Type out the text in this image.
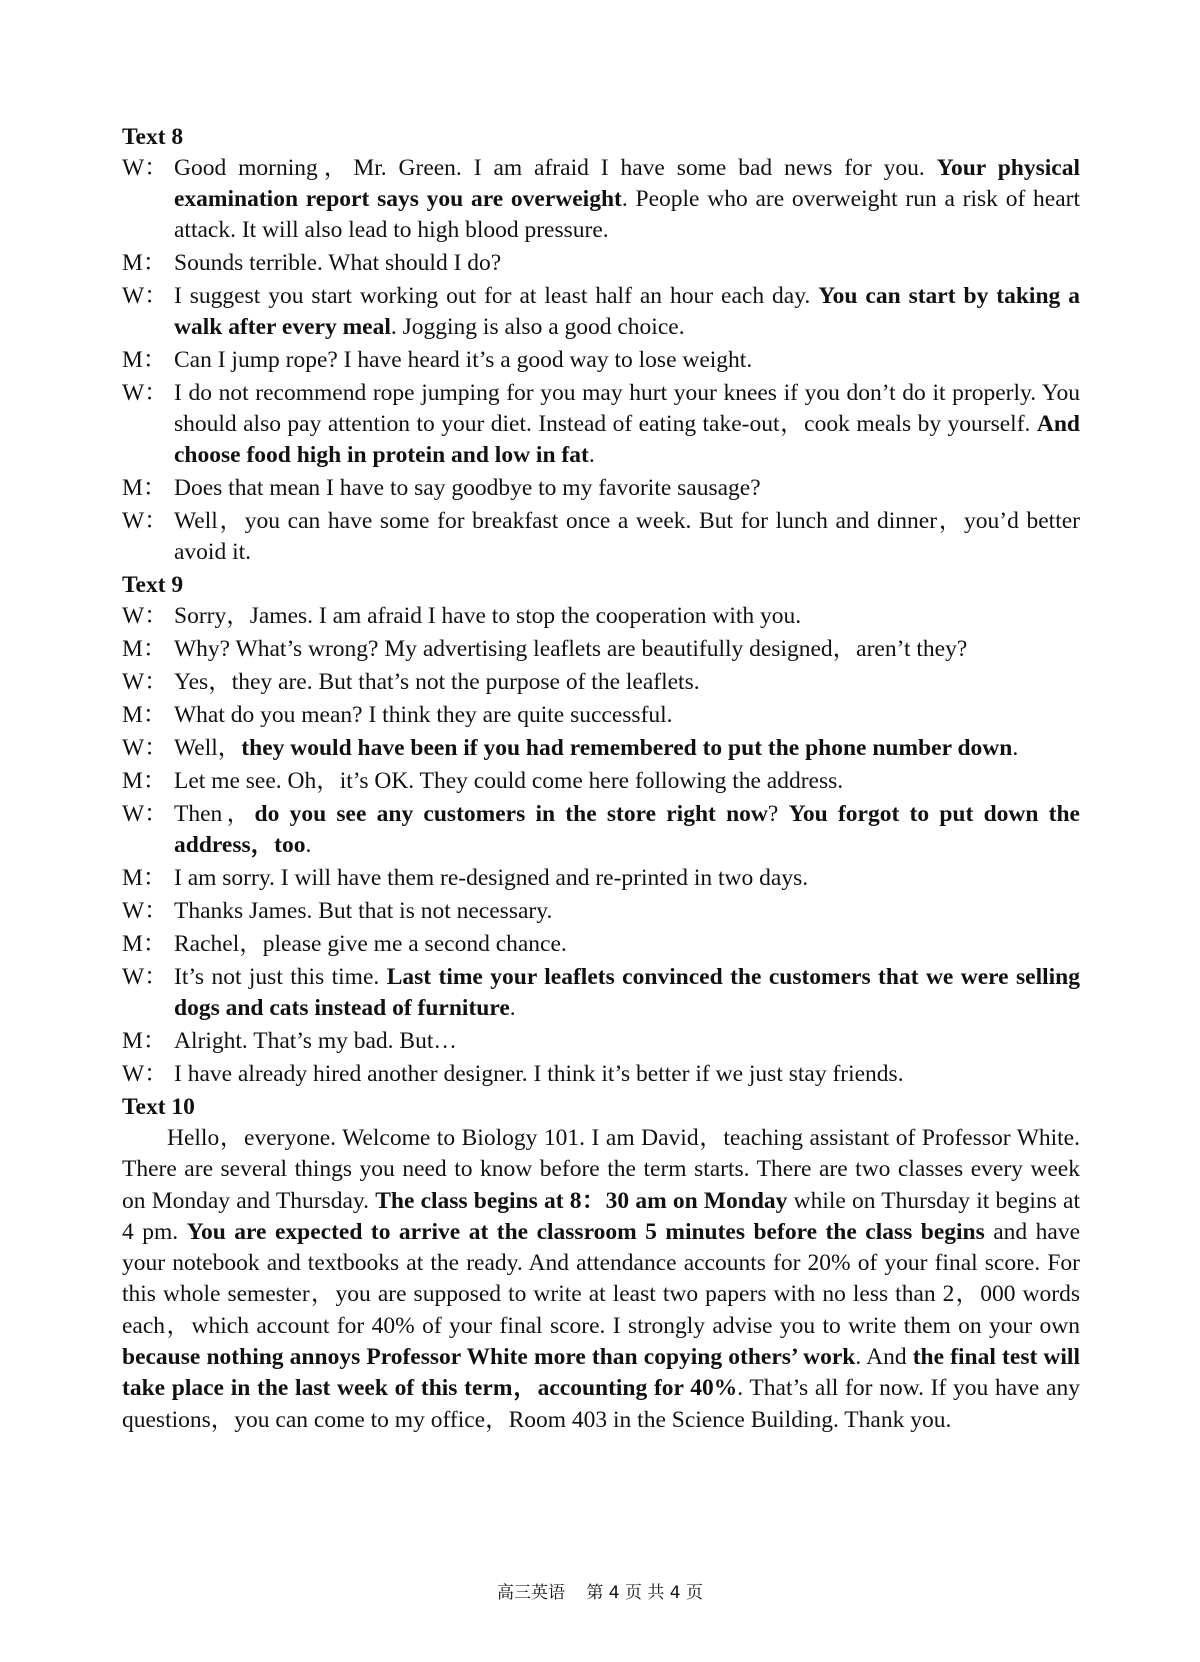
Text 8

W： Good morning，Mr. Green. I am afraid I have some bad news for you. Your physical examination report says you are overweight. People who are overweight run a risk of heart attack. It will also lead to high blood pressure.

M： Sounds terrible. What should I do?

W： I suggest you start working out for at least half an hour each day. You can start by taking a walk after every meal. Jogging is also a good choice.

M： Can I jump rope? I have heard it’s a good way to lose weight.

W： I do not recommend rope jumping for you may hurt your knees if you don’t do it properly. You should also pay attention to your diet. Instead of eating take-out，cook meals by yourself. And choose food high in protein and low in fat.

M： Does that mean I have to say goodbye to my favorite sausage?

W： Well，you can have some for breakfast once a week. But for lunch and dinner，you’d better avoid it.

Text 9

W： Sorry，James. I am afraid I have to stop the cooperation with you.

M： Why? What’s wrong? My advertising leaflets are beautifully designed，aren’t they?

W： Yes，they are. But that’s not the purpose of the leaflets.

M： What do you mean? I think they are quite successful.

W： Well，they would have been if you had remembered to put the phone number down.

M： Let me see. Oh，it’s OK. They could come here following the address.

W： Then，do you see any customers in the store right now? You forgot to put down the address，too.

M： I am sorry. I will have them re-designed and re-printed in two days.

W： Thanks James. But that is not necessary.

M： Rachel，please give me a second chance.

W： It’s not just this time. Last time your leaflets convinced the customers that we were selling dogs and cats instead of furniture.

M： Alright. That’s my bad. But…

W： I have already hired another designer. I think it’s better if we just stay friends.

Text 10

Hello，everyone. Welcome to Biology 101. I am David，teaching assistant of Professor White. There are several things you need to know before the term starts. There are two classes every week on Monday and Thursday. The class begins at 8：30 am on Monday while on Thursday it begins at 4 pm. You are expected to arrive at the classroom 5 minutes before the class begins and have your notebook and textbooks at the ready. And attendance accounts for 20% of your final score. For this whole semester，you are supposed to write at least two papers with no less than 2，000 words each，which account for 40% of your final score. I strongly advise you to write them on your own because nothing annoys Professor White more than copying others’ work. And the final test will take place in the last week of this term，accounting for 40%. That’s all for now. If you have any questions，you can come to my office，Room 403 in the Science Building. Thank you.

高三英语 第 4 页 共 4 页
